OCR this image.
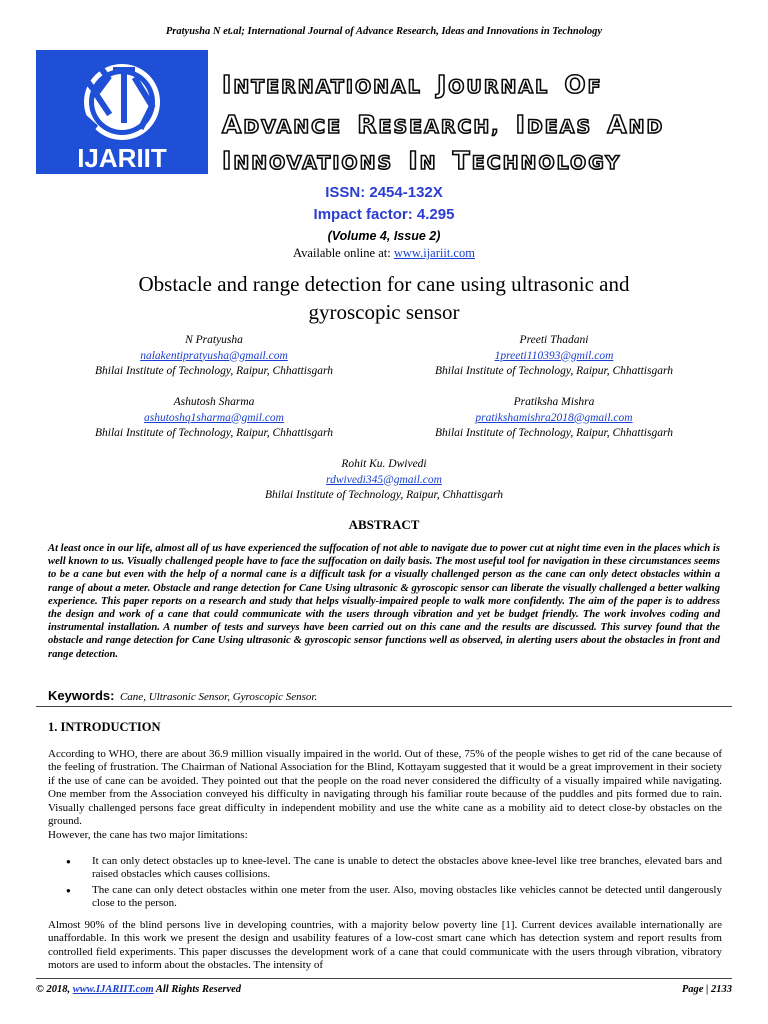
Pratyusha N et.al; International Journal of Advance Research, Ideas and Innovations in Technology
IJARIIT
INTERNATIONAL JOURNAL OF
ADVANCE RESEARCH, IDEAS AND
INNOVATIONS IN TECHNOLOGY
ISSN: 2454-132X
Impact factor: 4.295
(Volume 4, Issue 2)
Available online at: www.ijariit.com
Obstacle and range detection for cane using ultrasonic and
gyroscopic sensor
N Pratyusha
nalakentipratyusha@gmail.com
Bhilai Institute of Technology, Raipur, Chhattisgarh
Preeti Thadani
1preeti110393@gmil.com
Bhilai Institute of Technology, Raipur, Chhattisgarh
Ashutosh Sharma
ashutoshq1sharma@gmil.com
Bhilai Institute of Technology, Raipur, Chhattisgarh
Pratiksha Mishra
pratikshamishra2018@gmail.com
Bhilai Institute of Technology, Raipur, Chhattisgarh
Rohit Ku. Dwivedi
rdwivedi345@gmail.com
Bhilai Institute of Technology, Raipur, Chhattisgarh
ABSTRACT
At least once in our life, almost all of us have experienced the suffocation of not able to navigate due to power cut at night time even in the places which is well known to us. Visually challenged people have to face the suffocation on daily basis. The most useful tool for navigation in these circumstances seems to be a cane but even with the help of a normal cane is a difficult task for a visually challenged person as the cane can only detect obstacles within a range of about a meter. Obstacle and range detection for Cane Using ultrasonic & gyroscopic sensor can liberate the visually challenged a better walking experience. This paper reports on a research and study that helps visually-impaired people to walk more confidently. The aim of the paper is to address the design and work of a cane that could communicate with the users through vibration and yet be budget friendly. The work involves coding and instrumental installation. A number of tests and surveys have been carried out on this cane and the results are discussed. This survey found that the obstacle and range detection for Cane Using ultrasonic & gyroscopic sensor functions well as observed, in alerting users about the obstacles in front and range detection.
Keywords: Cane, Ultrasonic Sensor, Gyroscopic Sensor.
1. INTRODUCTION
According to WHO, there are about 36.9 million visually impaired in the world. Out of these, 75% of the people wishes to get rid of the cane because of the feeling of frustration. The Chairman of National Association for the Blind, Kottayam suggested that it would be a great improvement in their society if the use of cane can be avoided. They pointed out that the people on the road never considered the difficulty of a visually impaired while navigating. One member from the Association conveyed his difficulty in navigating through his familiar route because of the puddles and pits formed due to rain. Visually challenged persons face great difficulty in independent mobility and use the white cane as a mobility aid to detect close-by obstacles on the ground.
However, the cane has two major limitations:
● It can only detect obstacles up to knee-level. The cane is unable to detect the obstacles above knee-level like tree branches, elevated bars and raised obstacles which causes collisions.
● The cane can only detect obstacles within one meter from the user. Also, moving obstacles like vehicles cannot be detected until dangerously close to the person.
Almost 90% of the blind persons live in developing countries, with a majority below poverty line [1]. Current devices available internationally are unaffordable. In this work we present the design and usability features of a low-cost smart cane which has detection system and report results from controlled field experiments. This paper discusses the development work of a cane that could communicate with the users through vibration, vibratory motors are used to inform about the obstacles. The intensity of
© 2018, www.IJARIIT.com All Rights Reserved	Page | 2133
